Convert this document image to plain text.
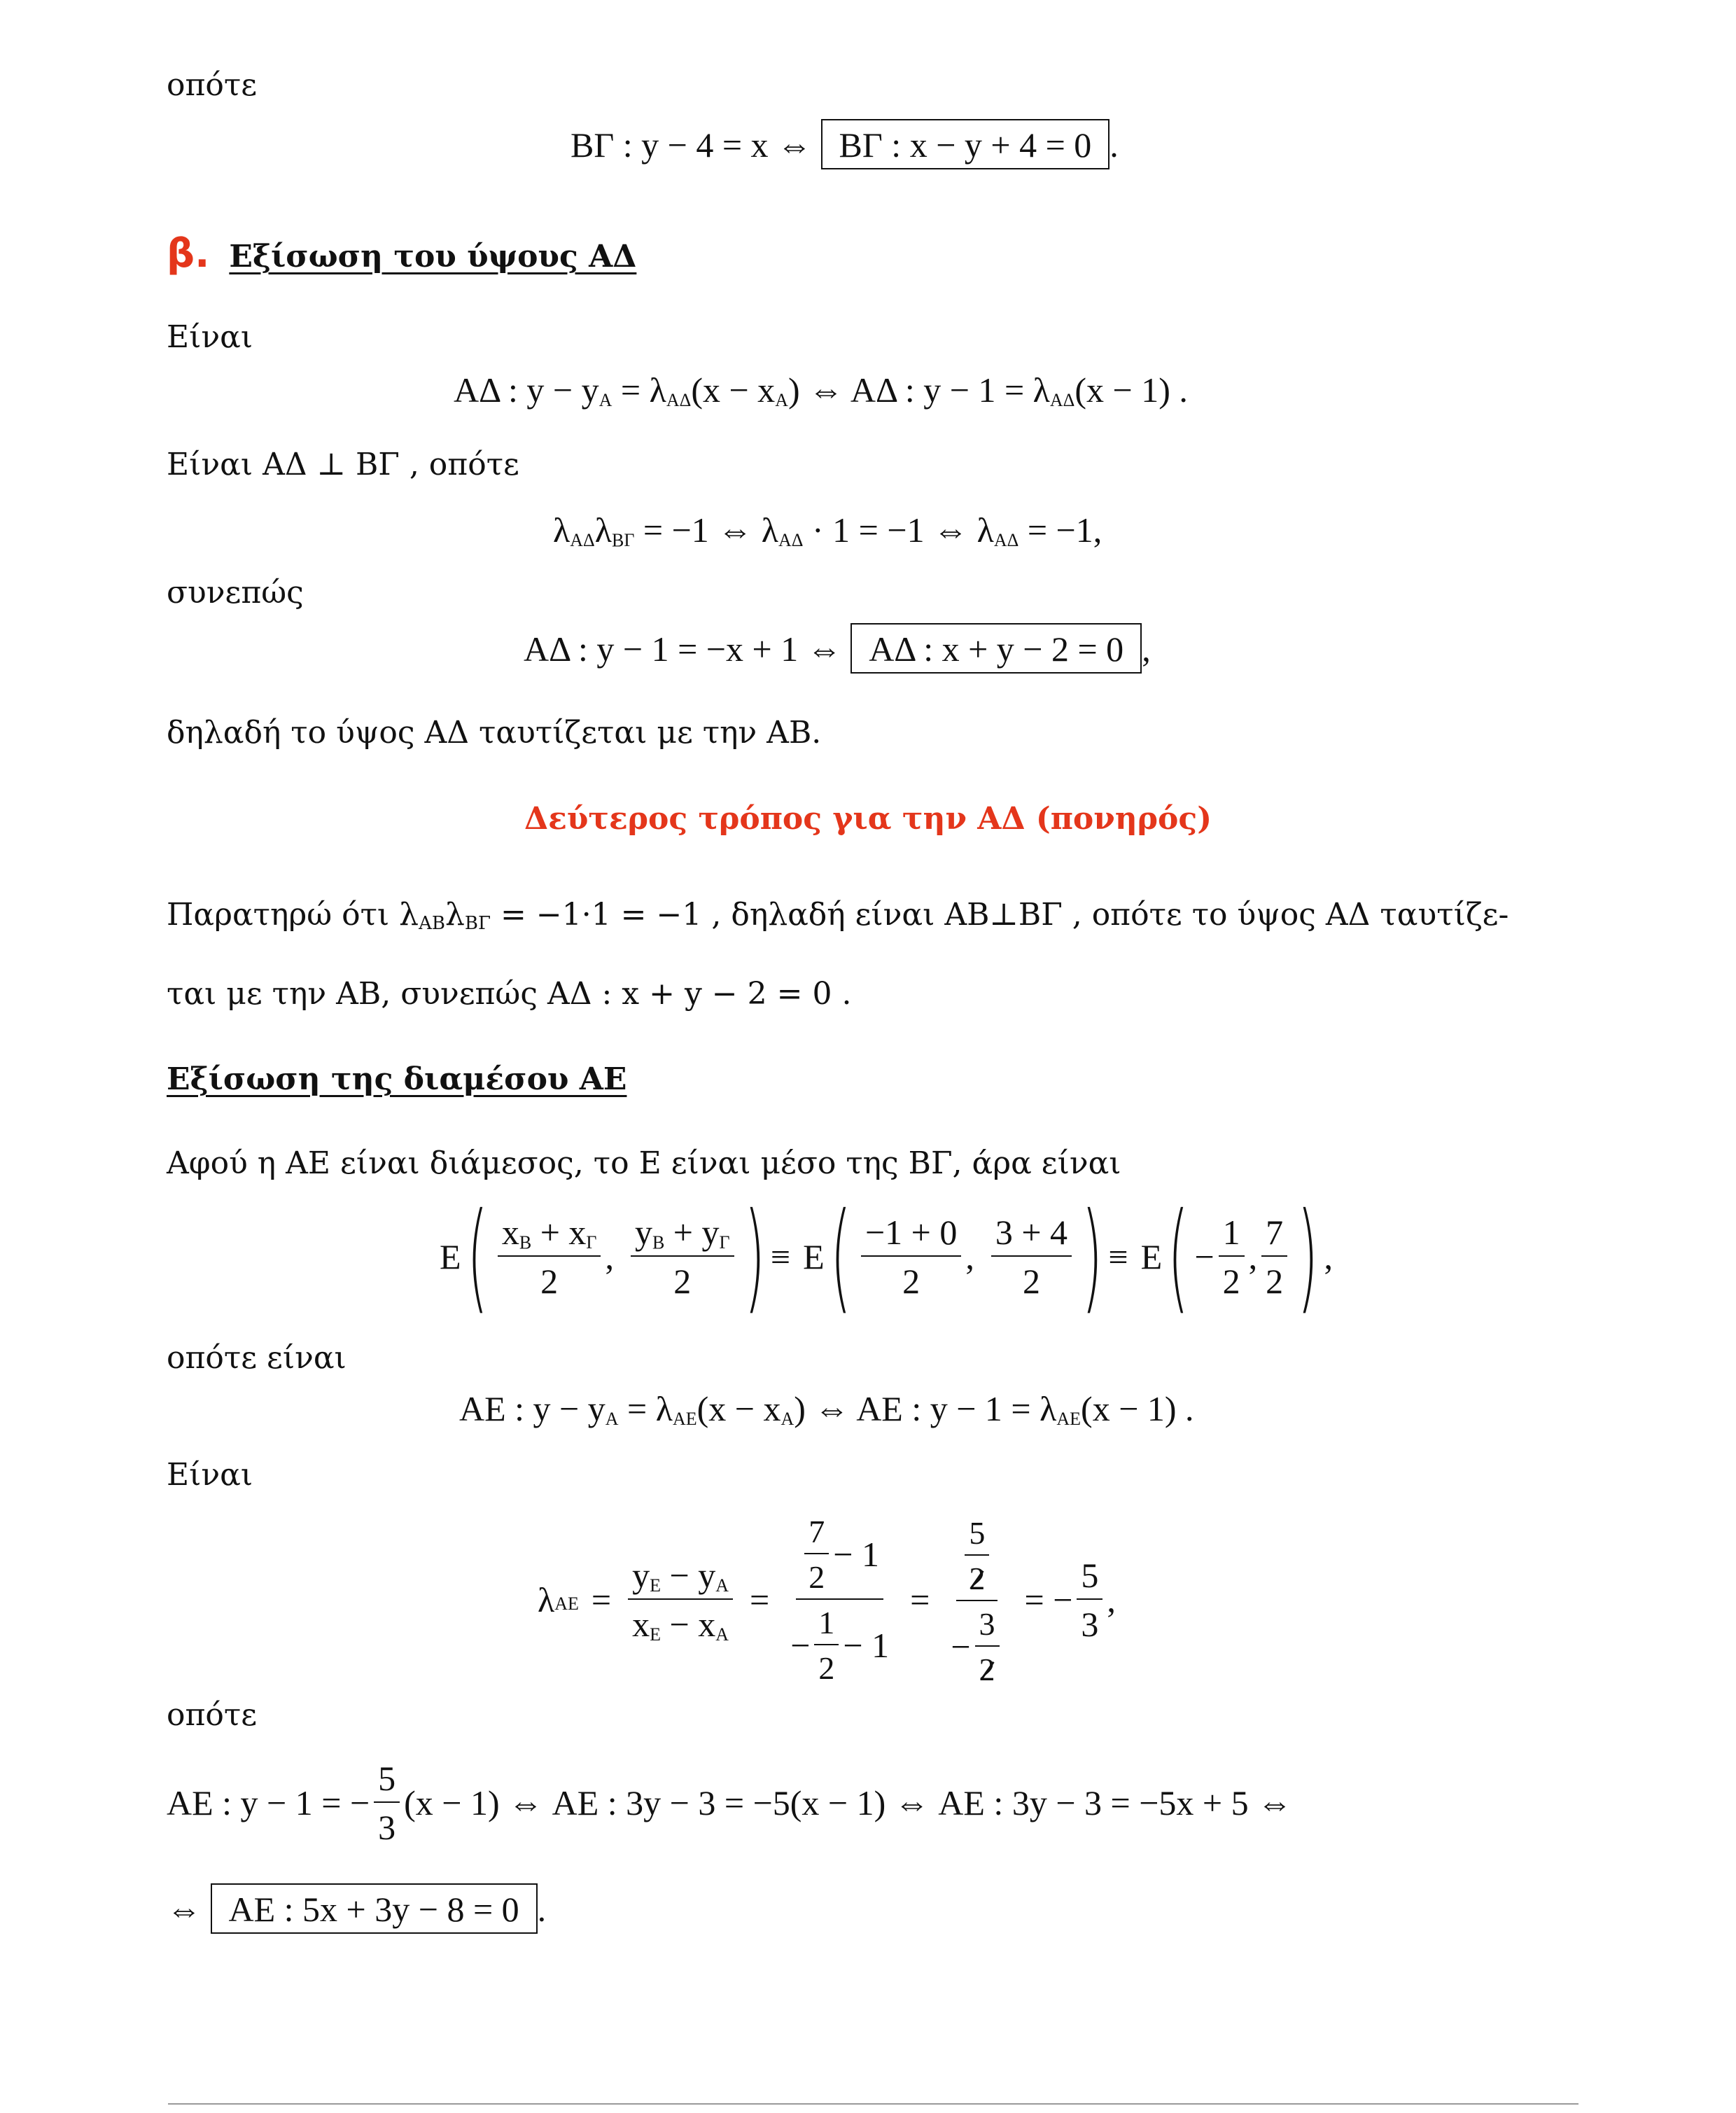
οπότε
ΒΓ : y − 4 = x ⇔ ΒΓ : x − y + 4 = 0 .
β. Εξίσωση του ύψους ΑΔ
Είναι
ΑΔ : $y - y_A = \lambda_{A\Delta}(x - x_A)$ ⇔ ΑΔ : $y - 1 = \lambda_{A\Delta}(x - 1)$ .
Είναι ΑΔ ⊥ ΒΓ , οπότε
$\lambda_{A\Delta}\lambda_{B\Gamma} = -1$ ⇔ $\lambda_{A\Delta} \cdot 1 = -1$ ⇔ $\lambda_{A\Delta} = -1$,
συνεπώς
ΑΔ : y − 1 = −x + 1 ⇔ ΑΔ : x + y − 2 = 0 ,
δηλαδή το ύψος ΑΔ ταυτίζεται με την ΑΒ.
Δεύτερος τρόπος για την ΑΔ (πονηρός)
Παρατηρώ ότι $\lambda_{AB}\lambda_{B\Gamma} = -1\cdot 1 = -1$ , δηλαδή είναι ΑΒ⊥ΒΓ , οπότε το ύψος ΑΔ ταυτίζε-
ται με την ΑΒ, συνεπώς ΑΔ : x + y − 2 = 0 .
Εξίσωση της διαμέσου ΑΕ
Αφού η ΑΕ είναι διάμεσος, το Ε είναι μέσο της ΒΓ, άρα είναι
Ε ( $\frac{x_B + x_\Gamma}{2}$ , $\frac{y_B + y_\Gamma}{2}$ ) ≡ Ε ( $\frac{-1 + 0}{2}$ , $\frac{3 + 4}{2}$ ) ≡ Ε ( − $\frac{1}{2}$ , $\frac{7}{2}$ ) ,
οπότε είναι
ΑΕ : $y - y_A = \lambda_{AE}(x - x_A)$ ⇔ ΑΕ : $y - 1 = \lambda_{AE}(x - 1)$ .
Είναι
$\lambda_{AE} = \frac{y_E - y_A}{x_E - x_A} = \frac{\frac{7}{2} - 1}{- \frac{1}{2} - 1} = \frac{\frac{5}{2}}{- \frac{3}{2}}$ = − $\frac{5}{3}$ ,
οπότε
ΑΕ : y − 1 = − $\frac{5}{3} (x - 1)$ ⇔ ΑΕ : 3y − 3 = −5(x − 1) ⇔ ΑΕ : 3y − 3 = −5x + 5 ⇔
⇔ ΑΕ : 5x + 3y − 8 = 0 .
